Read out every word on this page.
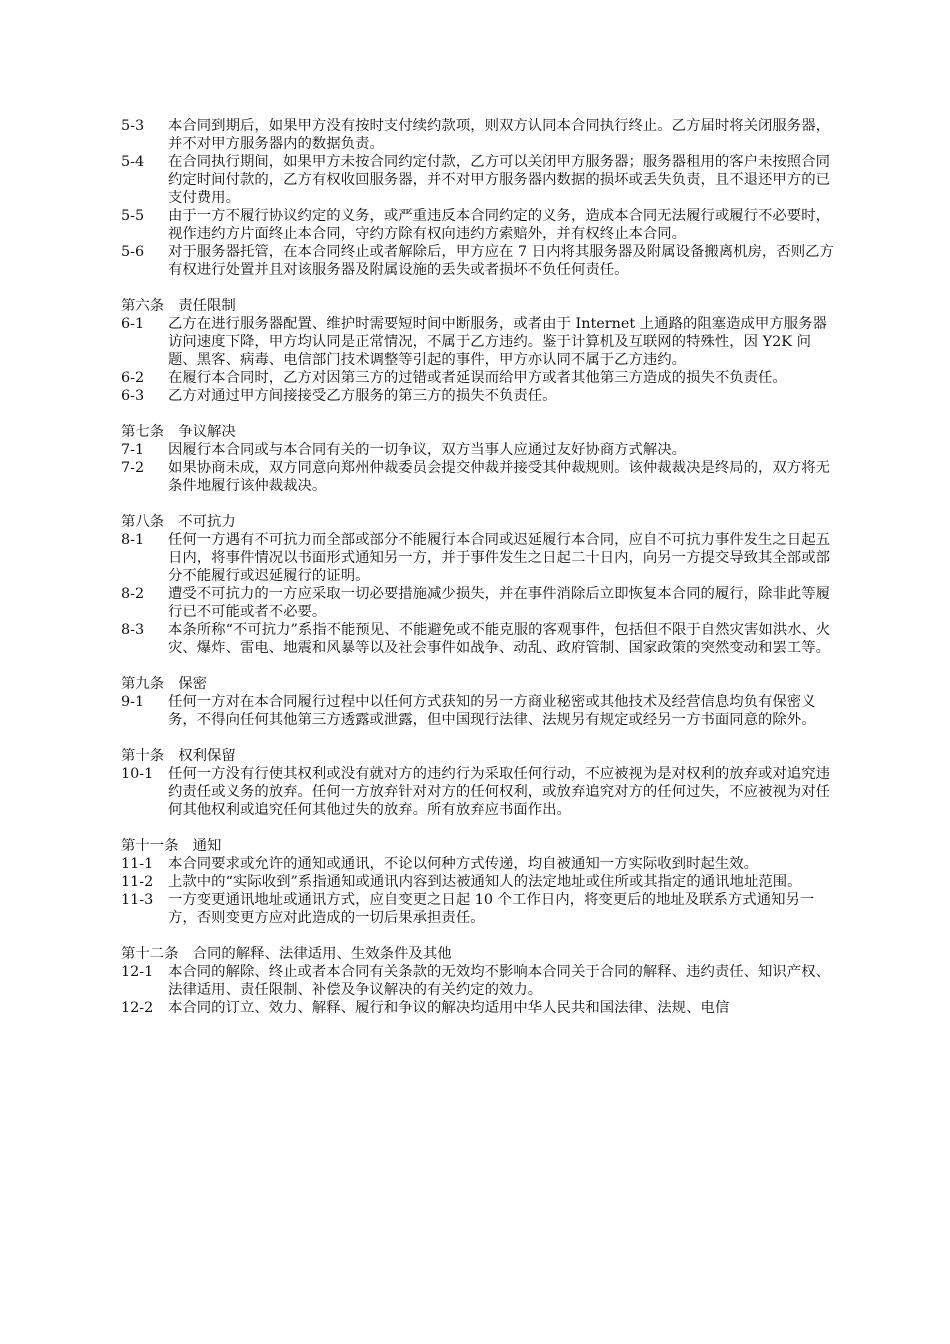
5-3 本合同到期后，如果甲方没有按时支付续约款项，则双方认同本合同执行终止。乙方届时将关闭服务器，并不对甲方服务器内的数据负责。
5-4 在合同执行期间，如果甲方未按合同约定付款，乙方可以关闭甲方服务器；服务器租用的客户未按照合同约定时间付款的，乙方有权收回服务器，并不对甲方服务器内数据的损坏或丢失负责，且不退还甲方的已支付费用。
5-5 由于一方不履行协议约定的义务，或严重违反本合同约定的义务，造成本合同无法履行或履行不必要时，视作违约方片面终止本合同，守约方除有权向违约方索赔外，并有权终止本合同。
5-6 对于服务器托管，在本合同终止或者解除后，甲方应在 7 日内将其服务器及附属设备搬离机房，否则乙方有权进行处置并且对该服务器及附属设施的丢失或者损坏不负任何责任。
第六条 责任限制
6-1 乙方在进行服务器配置、维护时需要短时间中断服务，或者由于 Internet 上通路的阻塞造成甲方服务器访问速度下降，甲方均认同是正常情况，不属于乙方违约。鉴于计算机及互联网的特殊性，因 Y2K 问题、黑客、病毒、电信部门技术调整等引起的事件，甲方亦认同不属于乙方违约。
6-2 在履行本合同时，乙方对因第三方的过错或者延误而给甲方或者其他第三方造成的损失不负责任。
6-3 乙方对通过甲方间接接受乙方服务的第三方的损失不负责任。
第七条 争议解决
7-1 因履行本合同或与本合同有关的一切争议，双方当事人应通过友好协商方式解决。
7-2 如果协商未成，双方同意向郑州仲裁委员会提交仲裁并接受其仲裁规则。该仲裁裁决是终局的，双方将无条件地履行该仲裁裁决。
第八条 不可抗力
8-1 任何一方遇有不可抗力而全部或部分不能履行本合同或迟延履行本合同，应自不可抗力事件发生之日起五日内，将事件情况以书面形式通知另一方，并于事件发生之日起二十日内，向另一方提交导致其全部或部分不能履行或迟延履行的证明。
8-2 遭受不可抗力的一方应采取一切必要措施减少损失，并在事件消除后立即恢复本合同的履行，除非此等履行已不可能或者不必要。
8-3 本条所称“不可抗力”系指不能预见、不能避免或不能克服的客观事件，包括但不限于自然灾害如洪水、火灾、爆炸、雷电、地震和风暴等以及社会事件如战争、动乱、政府管制、国家政策的突然变动和罢工等。
第九条 保密
9-1 任何一方对在本合同履行过程中以任何方式获知的另一方商业秘密或其他技术及经营信息均负有保密义务，不得向任何其他第三方透露或泄露，但中国现行法律、法规另有规定或经另一方书面同意的除外。
第十条 权利保留
10-1 任何一方没有行使其权利或没有就对方的违约行为采取任何行动，不应被视为是对权利的放弃或对追究违约责任或义务的放弃。任何一方放弃针对对方的任何权利，或放弃追究对方的任何过失，不应被视为对任何其他权利或追究任何其他过失的放弃。所有放弃应书面作出。
第十一条 通知
11-1 本合同要求或允许的通知或通讯，不论以何种方式传递，均自被通知一方实际收到时起生效。
11-2 上款中的“实际收到”系指通知或通讯内容到达被通知人的法定地址或住所或其指定的通讯地址范围。
11-3 一方变更通讯地址或通讯方式，应自变更之日起 10 个工作日内，将变更后的地址及联系方式通知另一方，否则变更方应对此造成的一切后果承担责任。
第十二条 合同的解释、法律适用、生效条件及其他
12-1 本合同的解除、终止或者本合同有关条款的无效均不影响本合同关于合同的解释、违约责任、知识产权、法律适用、责任限制、补偿及争议解决的有关约定的效力。
12-2 本合同的订立、效力、解释、履行和争议的解决均适用中华人民共和国法律、法规、电信
